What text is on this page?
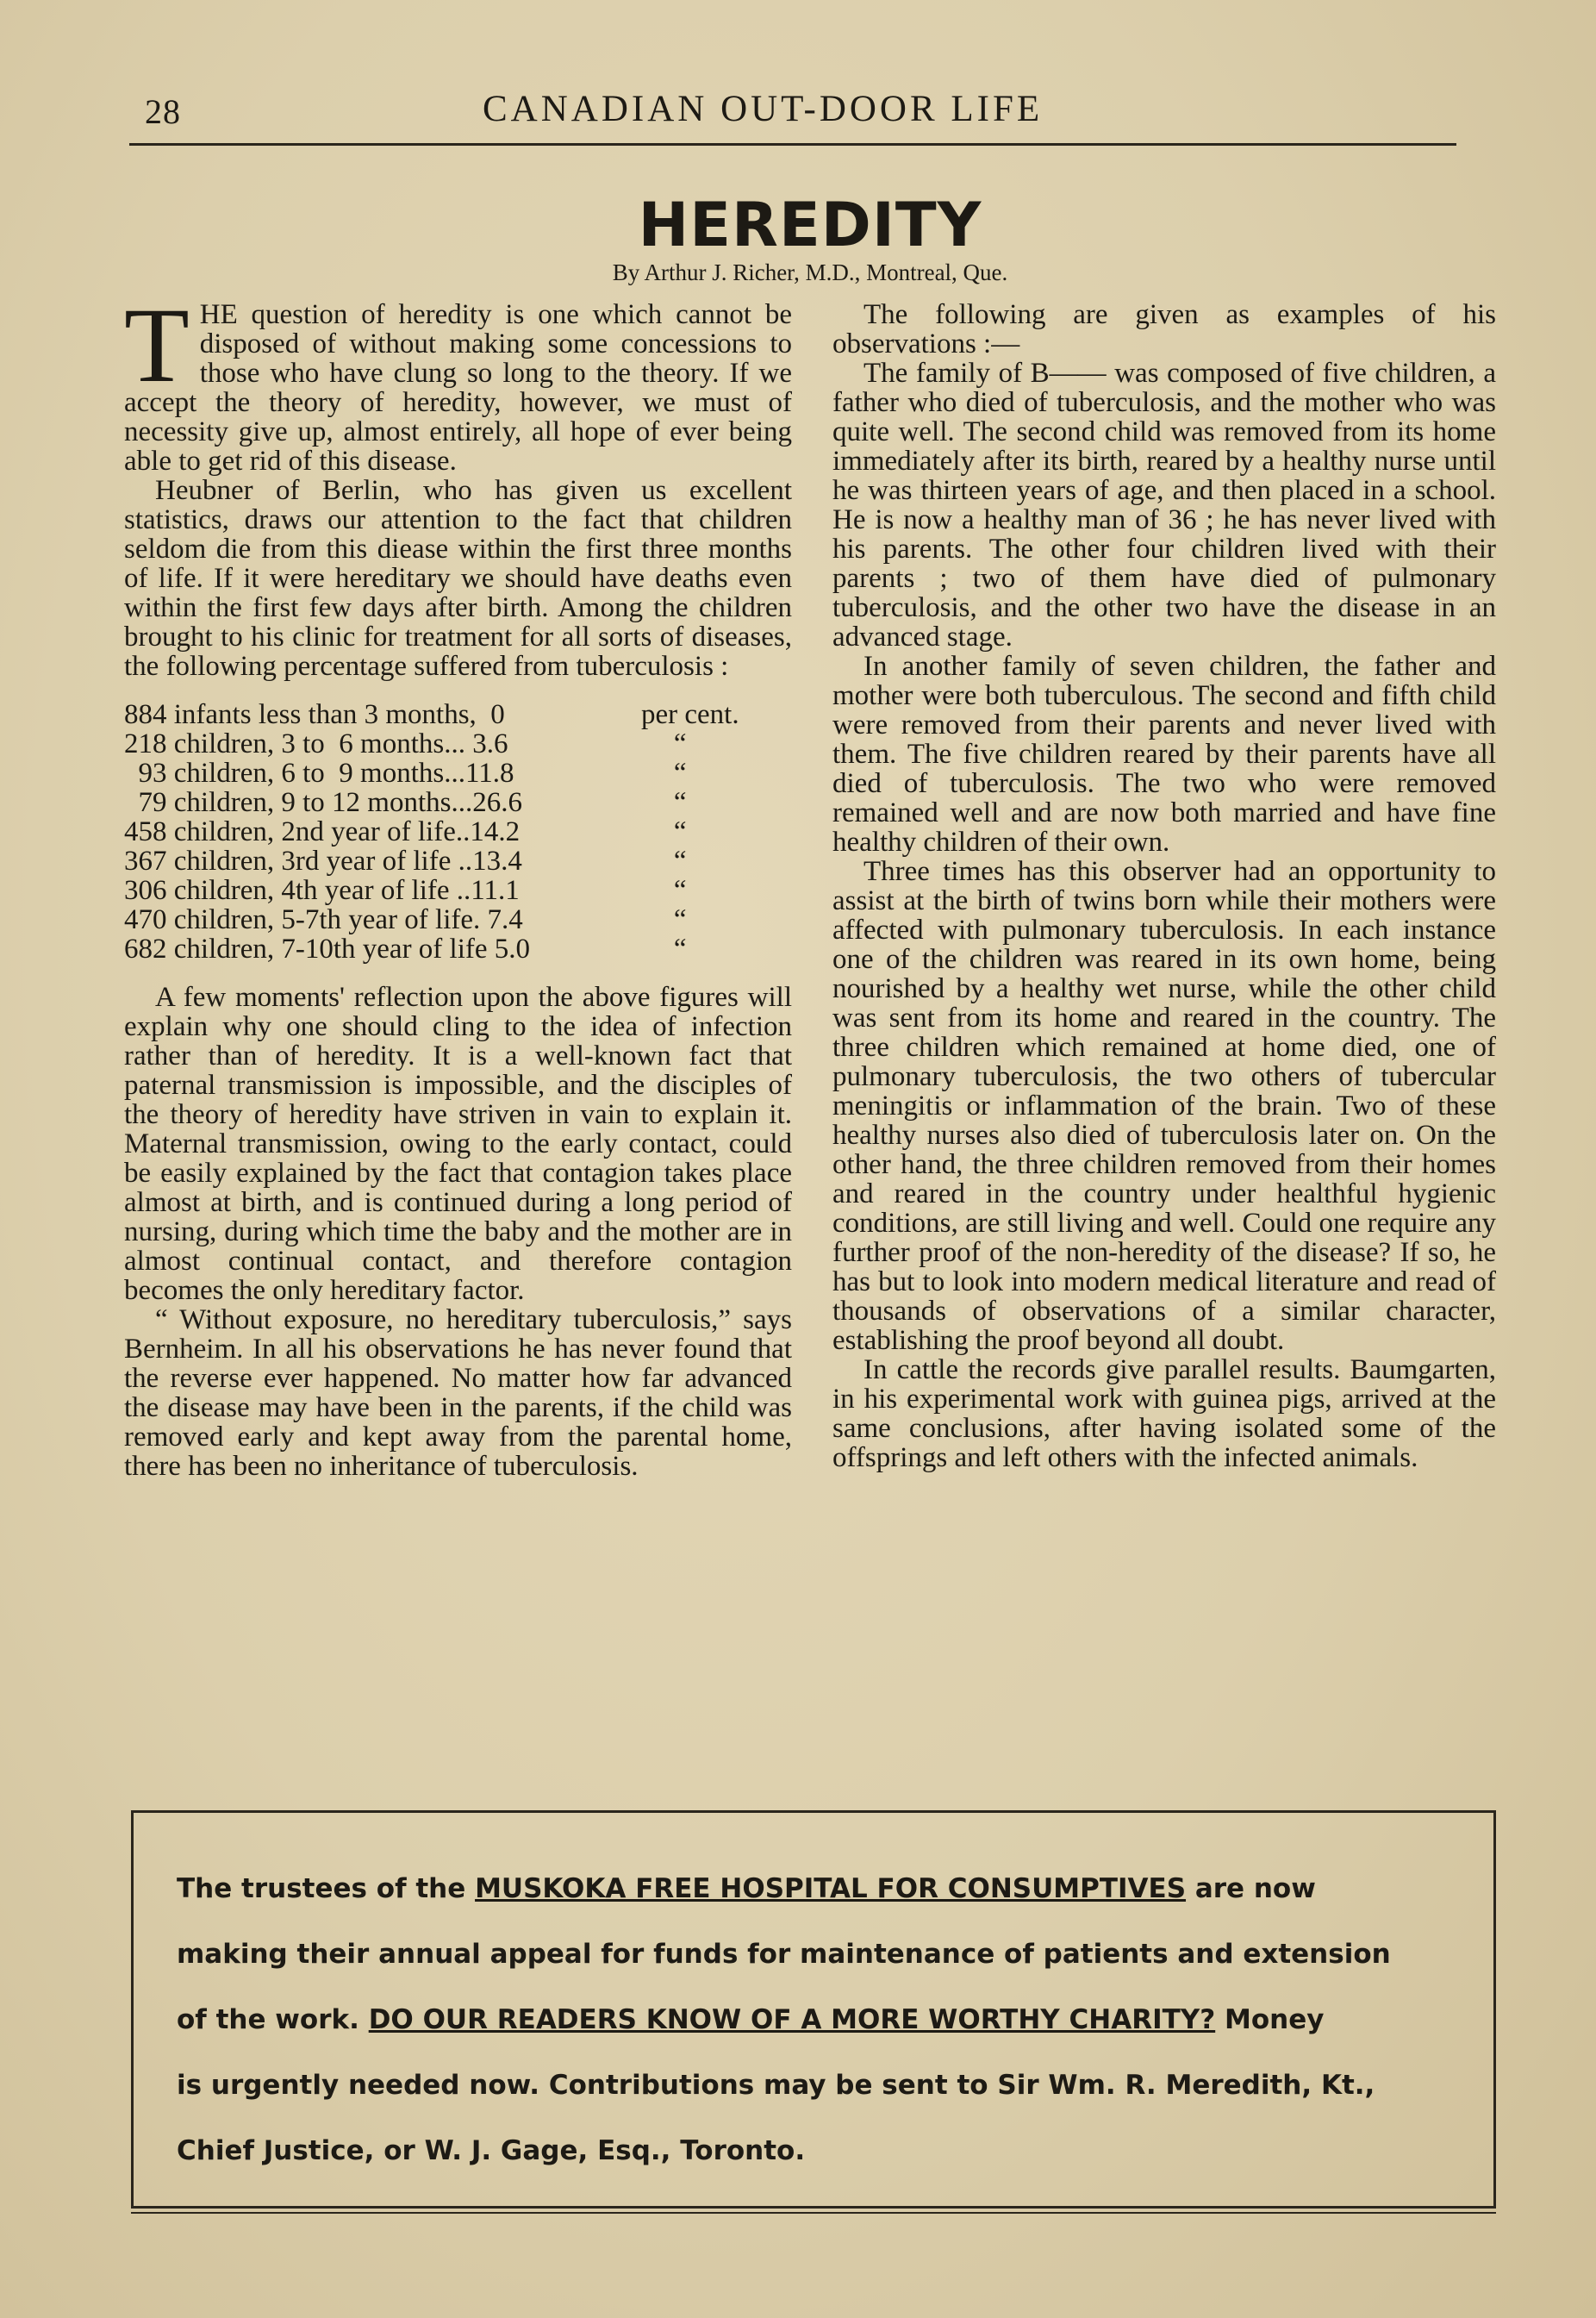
28	CANADIAN OUT-DOOR LIFE
HEREDITY
By Arthur J. Richer, M.D., Montreal, Que.

THE question of heredity is one which cannot be disposed of without making some concessions to those who have clung so long to the theory. If we accept the theory of heredity, however, we must of necessity give up, almost entirely, all hope of ever being able to get rid of this disease.

Heubner of Berlin, who has given us excellent statistics, draws our attention to the fact that children seldom die from this diease within the first three months of life. If it were hereditary we should have deaths even within the first few days after birth. Among the children brought to his clinic for treatment for all sorts of diseases, the following percentage suffered from tuberculosis :

884 infants less than 3 months,  0	per cent.
218 children, 3 to  6 months... 3.6	“
93 children, 6 to  9 months...11.8	“
79 children, 9 to 12 months...26.6	“
458 children, 2nd year of life..14.2	“
367 children, 3rd year of life ..13.4	“
306 children, 4th year of life ..11.1	“
470 children, 5-7th year of life. 7.4	“
682 children, 7-10th year of life 5.0	“

A few moments' reflection upon the above figures will explain why one should cling to the idea of infection rather than of heredity. It is a well-known fact that paternal transmission is impossible, and the disciples of the theory of heredity have striven in vain to explain it. Maternal transmission, owing to the early contact, could be easily explained by the fact that contagion takes place almost at birth, and is continued during a long period of nursing, during which time the baby and the mother are in almost continual contact, and therefore contagion becomes the only hereditary factor.

“ Without exposure, no hereditary tuberculosis,” says Bernheim. In all his observations he has never found that the reverse ever happened. No matter how far advanced the disease may have been in the parents, if the child was removed early and kept away from the parental home, there has been no inheritance of tuberculosis.

The following are given as examples of his observations :—

The family of B—— was composed of five children, a father who died of tuberculosis, and the mother who was quite well. The second child was removed from its home immediately after its birth, reared by a healthy nurse until he was thirteen years of age, and then placed in a school. He is now a healthy man of 36 ; he has never lived with his parents. The other four children lived with their parents ; two of them have died of pulmonary tuberculosis, and the other two have the disease in an advanced stage.

In another family of seven children, the father and mother were both tuberculous. The second and fifth child were removed from their parents and never lived with them. The five children reared by their parents have all died of tuberculosis. The two who were removed remained well and are now both married and have fine healthy children of their own.

Three times has this observer had an opportunity to assist at the birth of twins born while their mothers were affected with pulmonary tuberculosis. In each instance one of the children was reared in its own home, being nourished by a healthy wet nurse, while the other child was sent from its home and reared in the country. The three children which remained at home died, one of pulmonary tuberculosis, the two others of tubercular meningitis or inflammation of the brain. Two of these healthy nurses also died of tuberculosis later on. On the other hand, the three children removed from their homes and reared in the country under healthful hygienic conditions, are still living and well. Could one require any further proof of the non-heredity of the disease? If so, he has but to look into modern medical literature and read of thousands of observations of a similar character, establishing the proof beyond all doubt.

In cattle the records give parallel results. Baumgarten, in his experimental work with guinea pigs, arrived at the same conclusions, after having isolated some of the offsprings and left others with the infected animals.

The trustees of the MUSKOKA FREE HOSPITAL FOR CONSUMPTIVES are now
making their annual appeal for funds for maintenance of patients and extension
of the work. DO OUR READERS KNOW OF A MORE WORTHY CHARITY? Money
is urgently needed now. Contributions may be sent to Sir Wm. R. Meredith, Kt.,
Chief Justice, or W. J. Gage, Esq., Toronto.
